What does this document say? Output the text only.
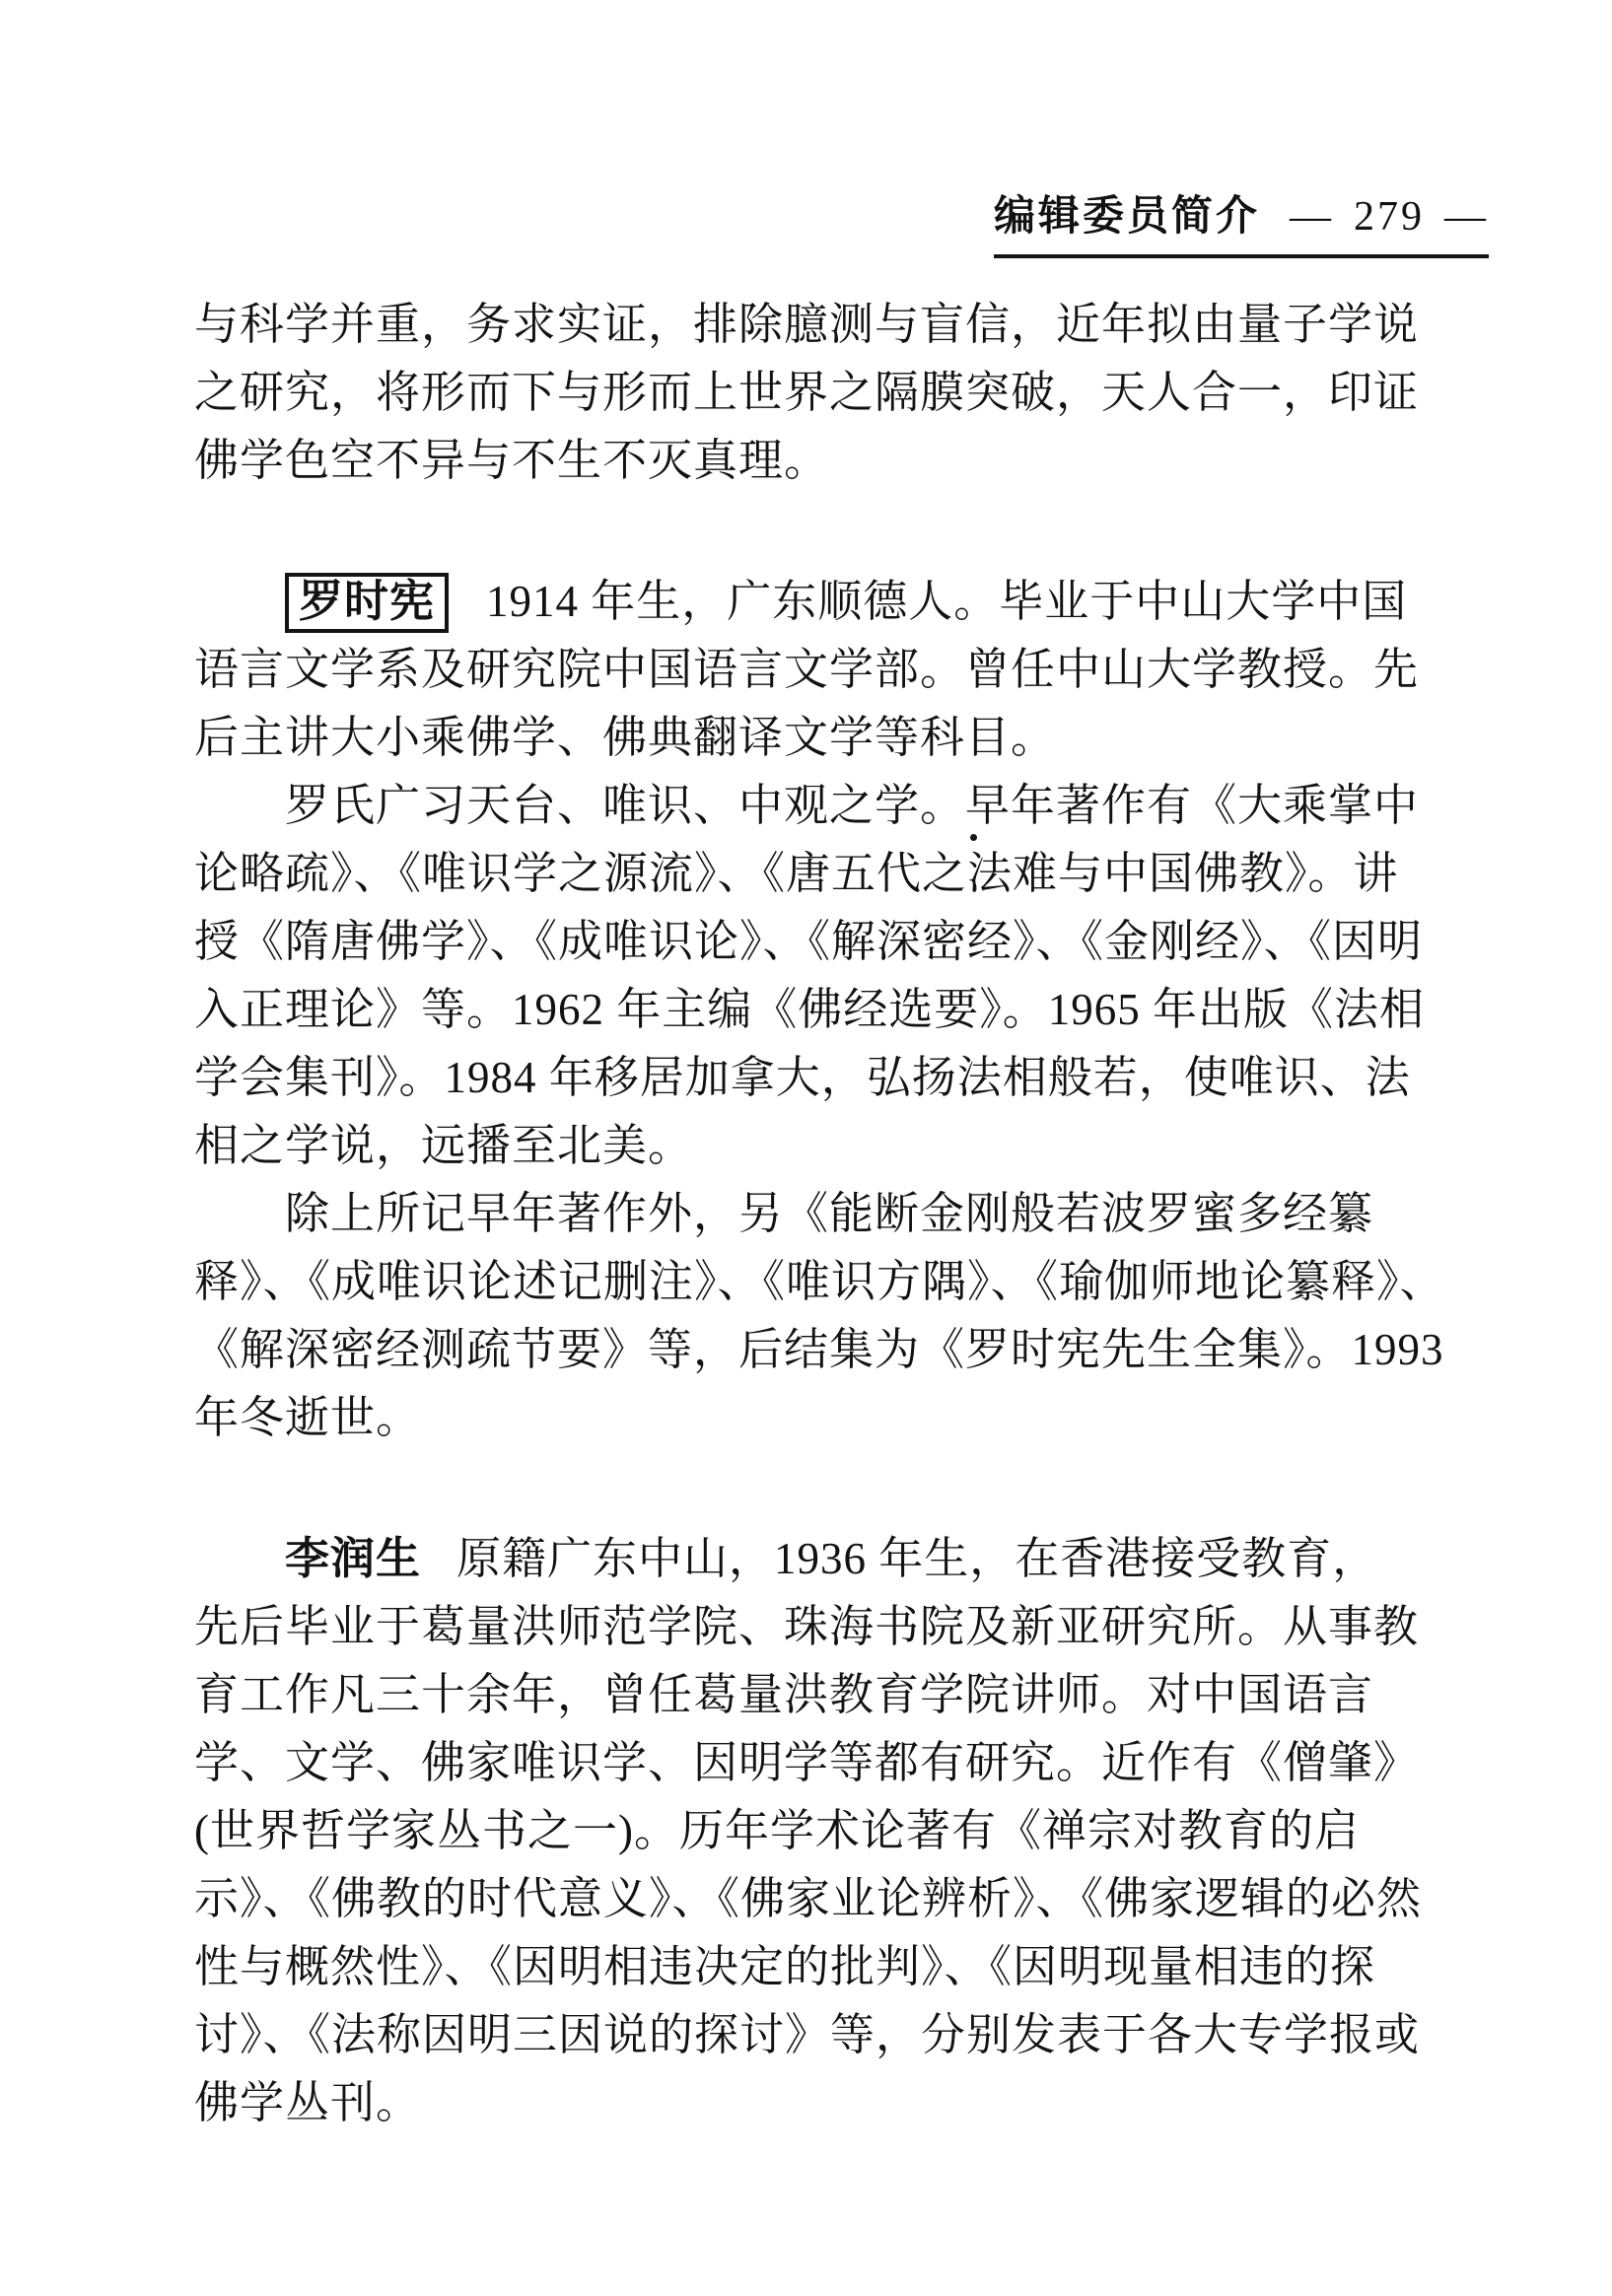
编辑委员简介 — 279 —
与科学并重，务求实证，排除臆测与盲信，近年拟由量子学说
之研究，将形而下与形而上世界之隔膜突破，天人合一，印证
佛学色空不异与不生不灭真理。
罗时宪 1914 年生，广东顺德人。毕业于中山大学中国
语言文学系及研究院中国语言文学部。曾任中山大学教授。先
后主讲大小乘佛学、佛典翻译文学等科目。
罗氏广习天台、唯识、中观之学。早年著作有《大乘掌中
论略疏》、《唯识学之源流》、《唐五代之法难与中国佛教》。讲
授《隋唐佛学》、《成唯识论》、《解深密经》、《金刚经》、《因明
入正理论》等。1962 年主编《佛经选要》。1965 年出版《法相
学会集刊》。1984 年移居加拿大，弘扬法相般若，使唯识、法
相之学说，远播至北美。
除上所记早年著作外，另《能断金刚般若波罗蜜多经纂
释》、《成唯识论述记删注》、《唯识方隅》、《瑜伽师地论纂释》、
《解深密经测疏节要》等，后结集为《罗时宪先生全集》。1993
年冬逝世。
李润生 原籍广东中山，1936 年生，在香港接受教育，
先后毕业于葛量洪师范学院、珠海书院及新亚研究所。从事教
育工作凡三十余年，曾任葛量洪教育学院讲师。对中国语言
学、文学、佛家唯识学、因明学等都有研究。近作有《僧肇》
(世界哲学家丛书之一)。历年学术论著有《禅宗对教育的启
示》、《佛教的时代意义》、《佛家业论辨析》、《佛家逻辑的必然
性与概然性》、《因明相违决定的批判》、《因明现量相违的探
讨》、《法称因明三因说的探讨》等，分别发表于各大专学报或
佛学丛刊。
